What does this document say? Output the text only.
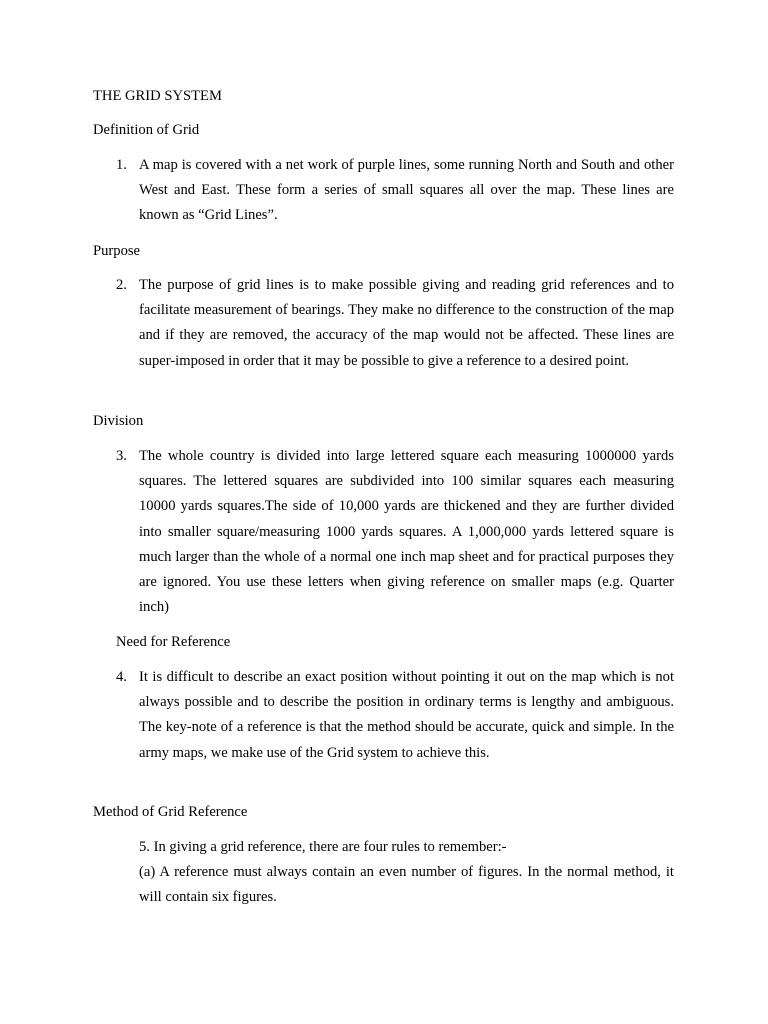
THE GRID SYSTEM

Definition of Grid

1. A map is covered with a net work of purple lines, some running North and South and other West and East. These form a series of small squares all over the map. These lines are known as “Grid Lines”.

Purpose

2. The purpose of grid lines is to make possible giving and reading grid references and to facilitate measurement of bearings. They make no difference to the construction of the map and if they are removed, the accuracy of the map would not be affected. These lines are super-imposed in order that it may be possible to give a reference to a desired point.

Division

3. The whole country is divided into large lettered square each measuring 1000000 yards squares. The lettered squares are subdivided into 100 similar squares each measuring 10000 yards squares.The side of 10,000 yards are thickened and they are further divided into smaller square/measuring 1000 yards squares. A 1,000,000 yards lettered square is much larger than the whole of a normal one inch map sheet and for practical purposes they are ignored. You use these letters when giving reference on smaller maps (e.g. Quarter inch)

Need for Reference

4. It is difficult to describe an exact position without pointing it out on the map which is not always possible and to describe the position in ordinary terms is lengthy and ambiguous. The key-note of a reference is that the method should be accurate, quick and simple. In the army maps, we make use of the Grid system to achieve this.

Method of Grid Reference

5. In giving a grid reference, there are four rules to remember:-

(a) A reference must always contain an even number of figures. In the normal method, it will contain six figures.
